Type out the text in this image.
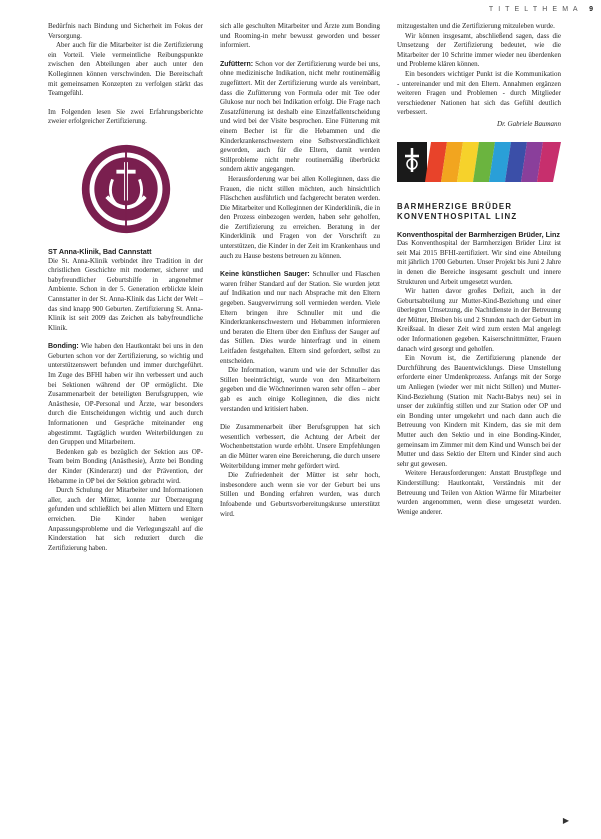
T I T E L T H E M A 9

Bedürfnis nach Bindung und Sicherheit im Fokus der Versorgung.

Aber auch für die Mitarbeiter ist die Zertifizierung ein Vorteil. Viele vermeintliche Reibungspunkte zwischen den Abteilungen aber auch unter den Kolleginnen können verschwinden. Die Bereitschaft mit gemeinsamen Konzepten zu verfolgen stärkt das Teamgefühl.

Im Folgenden lesen Sie zwei Erfahrungsberichte zweier erfolgreicher Zertifizierung.

ST Anna-Klinik, Bad Cannstatt

Die St. Anna-Klinik verbindet ihre Tradition in der christlichen Geschichte mit moderner, sicherer und babyfreundlicher Geburtshilfe in angenehmer Ambiente. Schon in der 5. Generation erblickte klein Cannstatter in der St. Anna-Klinik das Licht der Welt – das sind knapp 900 Geburten. Zertifizierung St. Anna-Klinik ist seit 2009 das Zeichen als babyfreundliche Klinik.

Bonding: Wie haben den Hautkontakt bei uns in den Geburten schon vor der Zertifizierung, so wichtig und unterstützenswert befunden und immer durchgeführt. Im Zuge des BFHI haben wir ihn verbessert und auch bei Sektionen während der OP ermöglicht. Die Zusammenarbeit der beteiligten Berufsgruppen, wie Anästhesie, OP-Personal und Ärzte, war besonders durch die Entscheidungen wichtig und auch durch Informationen und Gespräche miteinander eng abgestimmt. Tagtäglich wurden Weiterbildungen zu den Gruppen und Mitarbeitern.

Bedenken gab es bezüglich der Sektion aus OP-Team beim Bonding (Anästhesie), Ärzte bei Bonding der Kinder (Kinderarzt) und der Prävention, der Hebamme in OP bei der Sektion gebracht wird.

Durch Schulung der Mitarbeiter und Informationen aller, auch der Mütter, konnte zur Überzeugung gefunden und schließlich bei allen Müttern und Eltern erreichen. Die Kinder haben weniger Anpassungsprobleme und die Verlegungszahl auf die Kinderstation hat sich reduziert durch die Zertifizierung haben.

sich alle geschulten Mitarbeiter und Ärzte zum Bonding und Rooming-in mehr bewusst geworden und besser informiert.

Zufüttern: Schon vor der Zertifizierung wurde bei uns, ohne medizinische Indikation, nicht mehr routinemäßig zugefüttert. Mit der Zertifizierung wurde als vereinbart, dass die Zufütterung von Formula oder mit Tee oder Glukose nur noch bei Indikation erfolgt. Die Frage nach Zusatzfütterung ist deshalb eine Einzelfallentscheidung und wird bei der Visite besprochen. Eine Fütterung mit einem Becher ist für die Hebammen und die Kinderkrankenschwestern eine Selbstverständlichkeit geworden, auch für die Eltern, damit werden Stillprobleme nicht mehr routinemäßig überbrückt sondern aktiv angegangen.

Herausforderung war bei allen Kolleginnen, dass die Frauen, die nicht stillen möchten, auch hinsichtlich Fläschchen ausführlich und fachgerecht beraten werden. Die Mitarbeiter und Kolleginnen der Kinderklinik, die in den Prozess einbezogen werden, haben sehr geholfen, die Zertifizierung zu erreichen. Beratung in der Kinderklinik und Fragen von der Vorschrift zu unterstützen, die Kinder in der Zeit im Krankenhaus und auch zu Hause bestens betreuen zu können.

Keine künstlichen Sauger: Schnuller und Flaschen waren früher Standard auf der Station. Sie wurden jetzt auf Indikation und nur nach Absprache mit den Eltern gegeben. Saugverwirrung soll vermieden werden. Viele Eltern bringen ihre Schnuller mit und die Kinderkrankenschwestern und Hebammen informieren und beraten die Eltern über den Einfluss der Sauger auf das Stillen. Dies wurde hinterfragt und in einem Leitfaden festgehalten. Eltern sind gefordert, selbst zu entscheiden.

Die Information, warum und wie der Schnuller das Stillen beeinträchtigt, wurde von den Mitarbeitern gegeben und die Wöchnerinnen waren sehr offen – aber gab es auch einige Kolleginnen, die dies nicht verstanden und kritisiert haben.

Die Zusammenarbeit über Berufsgruppen hat sich wesentlich verbessert, die Achtung der Arbeit der Wochenbettstation wurde erhöht. Unsere Empfehlungen an die Mütter waren eine Bereicherung, die durch unsere Weiterbildung immer mehr gefördert wird.

Die Zufriedenheit der Mütter ist sehr hoch, insbesondere auch wenn sie vor der Geburt bei uns Stillen und Bonding erfahren wurden, was durch Infoabende und Geburtsvorbereitungskurse unterstützt wird.

mitzugestalten und die Zertifizierung mitzuleben wurde.

Wir können insgesamt, abschließend sagen, dass die Umsetzung der Zertifizierung bedeutet, wie die Mitarbeiter der 10 Schritte immer wieder neu überdenken und Probleme klären können.

Ein besonders wichtiger Punkt ist die Kommunikation - untereinander und mit den Eltern. Annahmen ergänzen weiteren Fragen und Problemen - durch Mitglieder verschiedener Nationen hat sich das Gefühl deutlich verbessert.

Dr. Gabriele Baumann

BARMHERZIGE BRÜDER
KONVENTHOSPITAL LINZ

Konventhospital der Barmherzigen Brüder, Linz

Das Konventhospital der Barmherzigen Brüder Linz ist seit Mai 2015 BFHI-zertifiziert. Wir sind eine Abteilung mit jährlich 1700 Geburten. Unser Projekt bis Juni 2 Jahre in denen die Bereiche insgesamt geschult und innere Strukturen und Arbeit umgesetzt wurden.

Wir hatten davor großes Defizit, auch in der Geburtsabteilung zur Mutter-Kind-Beziehung und einer überlegten Umsetzung, die Nachtdienste in der Betreuung der Mütter, Bleiben bis und 2 Stunden nach der Geburt im Kreißsaal. In dieser Zeit wird zum ersten Mal angelegt oder Informationen gegeben. Kaiserschnittmütter, Frauen danach wird gesorgt und geholfen.

Ein Novum ist, die Zertifizierung planende der Durchführung des Bauentwicklungs. Diese Umstellung erforderte einer Umdenkprozess. Anfangs mit der Sorge um Anliegen (wieder wer mit nicht Stillen) und Mutter-Kind-Beziehung (Station mit Nacht-Babys neu) sei in unser der zukünftig stillen und zur Station oder OP und ein Bonding unter umgekehrt und nach dann auch die Betreuung von Kindern mit Kindern, das sie mit dem Mutter auch den Sektio und in eine Bonding-Kinder, gemeinsam im Zimmer mit dem Kind und Wunsch bei der Mutter und dass Sektio der Eltern und Kinder sind auch sehr gut gewesen.

Weitere Herausforderungen: Anstatt Brustpflege und Kinderstillung: Hautkontakt, Verständnis mit der Betreuung und Teilen von Aktion Wärme für Mitarbeiter wurden angenommen, wenn diese umgesetzt wurden. Wenige anderer.

▶
